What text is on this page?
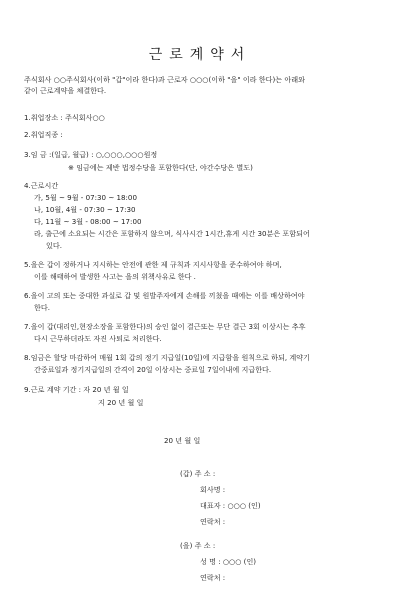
근로계약서
주식회사 ○○주식회사(이하 "갑"이라 한다)과 근로자 ○○○(이하 "을" 이라 한다)는 아래와
같이 근로계약을 체결한다.
1.취업장소 : 주식회사○○
2.취업직종 :
3.임 금 :(일급, 월급) : ○,○○○,○○○원정
※ 임금에는 제반 법정수당을 포함한다(단, 야간수당은 별도)
4.근로시간
가, 5월 ~ 9월 - 07:30 ~ 18:00
나, 10월, 4월 - 07:30 ~ 17:30
다, 11월 ~ 3월 - 08:00 ~ 17:00
라, 출근에 소요되는 시간은 포함하지 않으며, 식사시간 1시간,휴게 시간 30분은 포함되어
있다.
5.을은 갑이 정하거나 지시하는 안전에 관한 제 규칙과 지시사항을 준수하여야 하며,
이를 해태하여 발생한 사고는 을의 위책사유로 한다 .
6.을이 고의 또는 중대한 과실로 갑 및 원발주자에게 손해를 끼쳤을 때에는 이를 배상하여야
한다.
7.을이 갑(대리인,현장소장을 포함한다)의 승인 없이 결근또는 무단 결근 3회 이상시는 추후
다시 근무하더라도 자진 사퇴로 처리한다.
8.임금은 할당 마감하여 매월 1회 갑의 정기 지급일(10일)에 지급함을 원칙으로 하되, 계약기
간중료일과 정기지급일의 간격이 20일 이상시는 중료일 7일이내에 지급한다.
9.근로 계약 기간 : 자 20 년 월 일
지 20 년 월 일
20 년 월 일
(갑) 주 소 :
회사명 :
대표자 : ○○○ (인)
연락처 :
(을) 주 소 :
성 명 : ○○○ (인)
연락처 :
